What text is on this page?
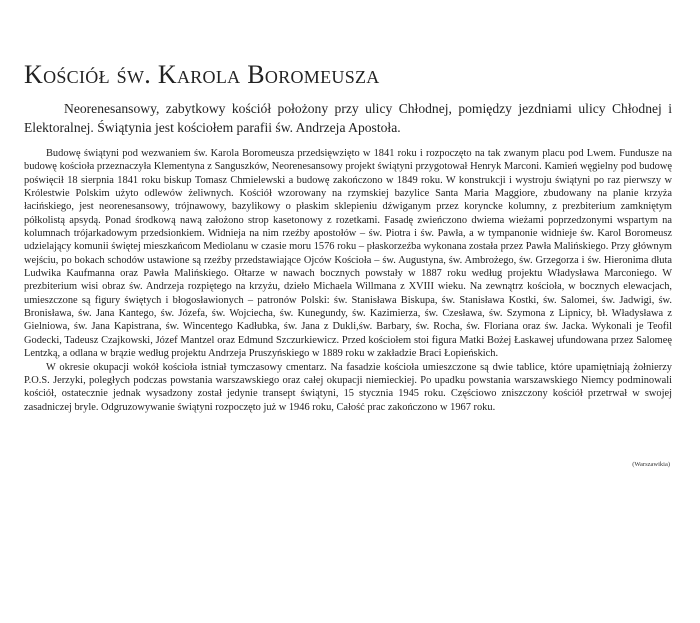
Kościół św. Karola Boromeusza

Neorenesansowy, zabytkowy kościół położony przy ulicy Chłodnej, pomiędzy jezdniami ulicy Chłodnej i Elektoralnej. Świątynia jest kościołem parafii św. Andrzeja Apostoła.

Budowę świątyni pod wezwaniem św. Karola Boromeusza przedsięwzięto w 1841 roku i rozpoczęto na tak zwanym placu pod Lwem. Fundusze na budowę kościoła przeznaczyła Klementyna z Sanguszków, Neorenesansowy projekt świątyni przygotował Henryk Marconi. Kamień węgielny pod budowę poświęcił 18 sierpnia 1841 roku biskup Tomasz Chmielewski a budowę zakończono w 1849 roku. W konstrukcji i wystroju świątyni po raz pierwszy w Królestwie Polskim użyto odlewów żeliwnych. Kościół wzorowany na rzymskiej bazylice Santa Maria Maggiore, zbudowany na planie krzyża łacińskiego, jest neorenesansowy, trójnawowy, bazylikowy o płaskim sklepieniu dźwiganym przez koryncke kolumny, z prezbiterium zamkniętym półkolistą apsydą. Ponad środkową nawą założono strop kasetonowy z rozetkami. Fasadę zwieńczono dwiema wieżami poprzedzonymi wspartym na kolumnach trójarkadowym przedsionkiem. Widnieja na nim rzeźby apostołów – św. Piotra i św. Pawła, a w tympanonie widnieje św. Karol Boromeusz udzielający komunii świętej mieszkańcom Mediolanu w czasie moru 1576 roku – płaskorzeźba wykonana została przez Pawła Malińskiego. Przy głównym wejściu, po bokach schodów ustawione są rzeźby przedstawiające Ojców Kościoła – św. Augustyna, św. Ambrożego, św. Grzegorza i św. Hieronima dłuta Ludwika Kaufmanna oraz Pawła Malińskiego. Ołtarze w nawach bocznych powstały w 1887 roku według projektu Władysława Marconiego. W prezbiterium wisi obraz św. Andrzeja rozpiętego na krzyżu, dzieło Michaela Willmana z XVIII wieku. Na zewnątrz kościoła, w bocznych elewacjach, umieszczone są figury świętych i błogosławionych – patronów Polski: św. Stanisława Biskupa, św. Stanisława Kostki, św. Salomei, św. Jadwigi, św. Bronisława, św. Jana Kantego, św. Józefa, św. Wojciecha, św. Kunegundy, św. Kazimierza, św. Czesława, św. Szymona z Lipnicy, bł. Władysława z Gielniowa, św. Jana Kapistrana, św. Wincentego Kadłubka, św. Jana z Dukli,św. Barbary, św. Rocha, św. Floriana oraz św. Jacka. Wykonali je Teofil Godecki, Tadeusz Czajkowski, Józef Mantzel oraz Edmund Szczurkiewicz. Przed kościołem stoi figura Matki Bożej Łaskawej ufundowana przez Salomeę Lentzką, a odlana w brązie według projektu Andrzeja Pruszyńskiego w 1889 roku w zakładzie Braci Łopieńskich.

W okresie okupacji wokół kościoła istniał tymczasowy cmentarz. Na fasadzie kościoła umieszczone są dwie tablice, które upamiętniają żołnierzy P.O.S. Jerzyki, poległych podczas powstania warszawskiego oraz całej okupacji niemieckiej. Po upadku powstania warszawskiego Niemcy podminowali kościół, ostatecznie jednak wysadzony został jedynie transept świątyni, 15 stycznia 1945 roku. Częściowo zniszczony kościół przetrwał w swojej zasadniczej bryle. Odgruzowywanie świątyni rozpoczęto już w 1946 roku, Całość prac zakończono w 1967 roku.

(Warszawikia)
